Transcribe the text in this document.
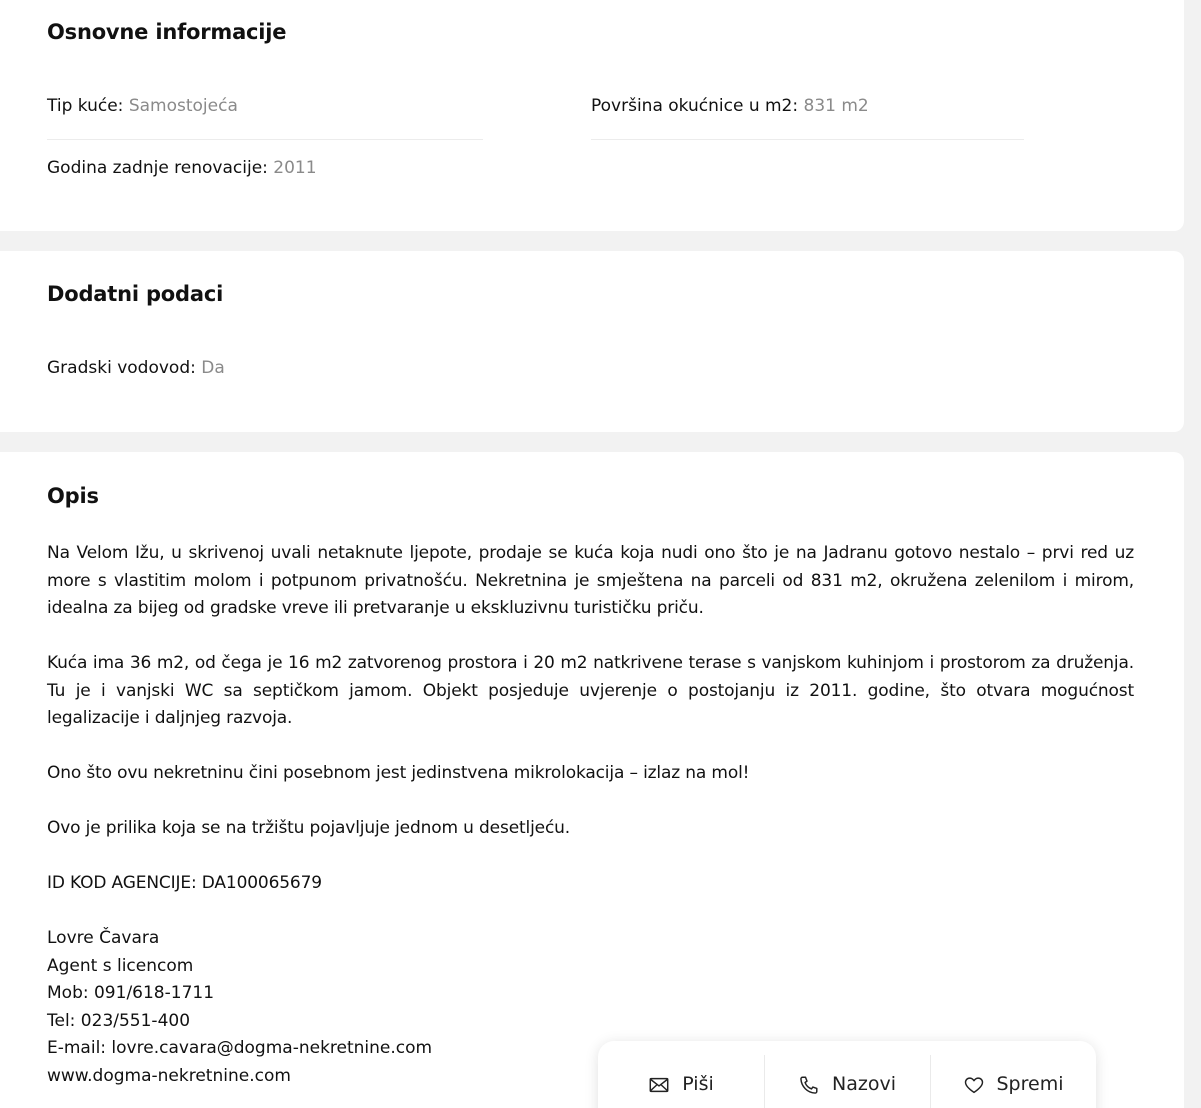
Osnovne informacije
Tip kuće: Samostojeća	Površina okućnice u m2: 831 m2
Godina zadnje renovacije: 2011
Dodatni podaci
Gradski vodovod: Da
Opis

Na Velom Ižu, u skrivenoj uvali netaknute ljepote, prodaje se kuća koja nudi ono što je na Jadranu gotovo nestalo – prvi red uz more s vlastitim molom i potpunom privatnošću. Nekretnina je smještena na parceli od 831 m2, okružena zelenilom i mirom, idealna za bijeg od gradske vreve ili pretvaranje u ekskluzivnu turističku priču.

Kuća ima 36 m2, od čega je 16 m2 zatvorenog prostora i 20 m2 natkrivene terase s vanjskom kuhinjom i prostorom za druženja. Tu je i vanjski WC sa septičkom jamom. Objekt posjeduje uvjerenje o postojanju iz 2011. godine, što otvara mogućnost legalizacije i daljnjeg razvoja.

Ono što ovu nekretninu čini posebnom jest jedinstvena mikrolokacija – izlaz na mol!

Ovo je prilika koja se na tržištu pojavljuje jednom u desetljeću.

ID KOD AGENCIJE: DA100065679

Lovre Čavara
Agent s licencom
Mob: 091/618-1711
Tel: 023/551-400
E-mail: lovre.cavara@dogma-nekretnine.com
www.dogma-nekretnine.com	Piši	Nazovi	Spremi
